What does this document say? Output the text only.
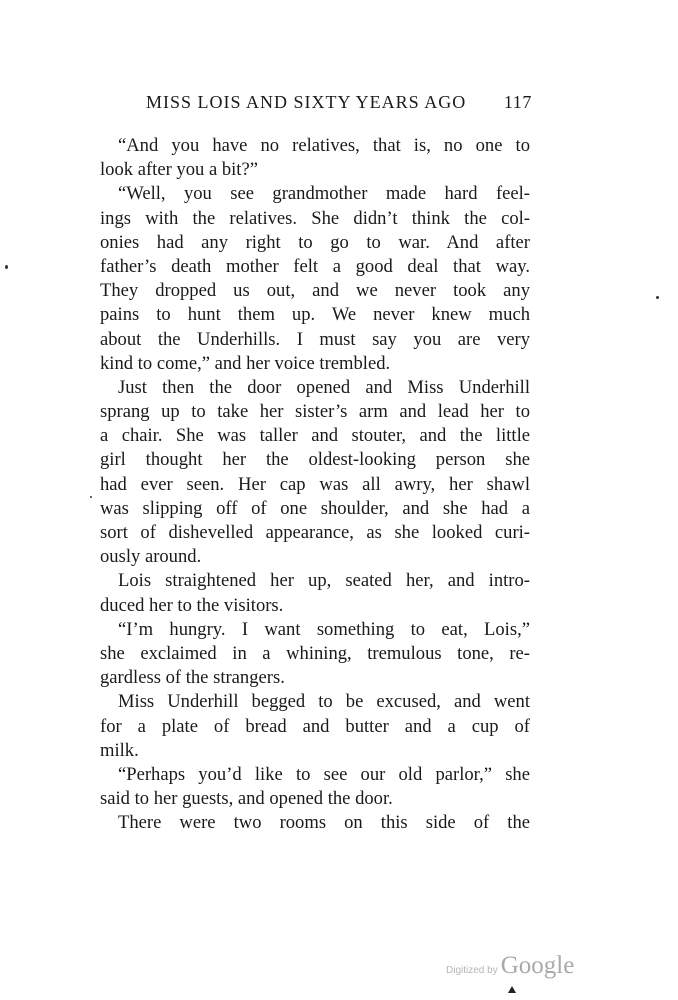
MISS LOIS AND SIXTY YEARS AGO 117
“And you have no relatives, that is, no one to
look after you a bit?”
“Well, you see grandmother made hard feel-
ings with the relatives. She didn’t think the col-
onies had any right to go to war. And after
father’s death mother felt a good deal that way.
They dropped us out, and we never took any
pains to hunt them up. We never knew much
about the Underhills. I must say you are very
kind to come,” and her voice trembled.
Just then the door opened and Miss Underhill
sprang up to take her sister’s arm and lead her to
a chair. She was taller and stouter, and the little
girl thought her the oldest-looking person she
had ever seen. Her cap was all awry, her shawl
was slipping off of one shoulder, and she had a
sort of dishevelled appearance, as she looked curi-
ously around.
Lois straightened her up, seated her, and intro-
duced her to the visitors.
“I’m hungry. I want something to eat, Lois,”
she exclaimed in a whining, tremulous tone, re-
gardless of the strangers.
Miss Underhill begged to be excused, and went
for a plate of bread and butter and a cup of
milk.
“Perhaps you’d like to see our old parlor,” she
said to her guests, and opened the door.
There were two rooms on this side of the
Digitized by Google
